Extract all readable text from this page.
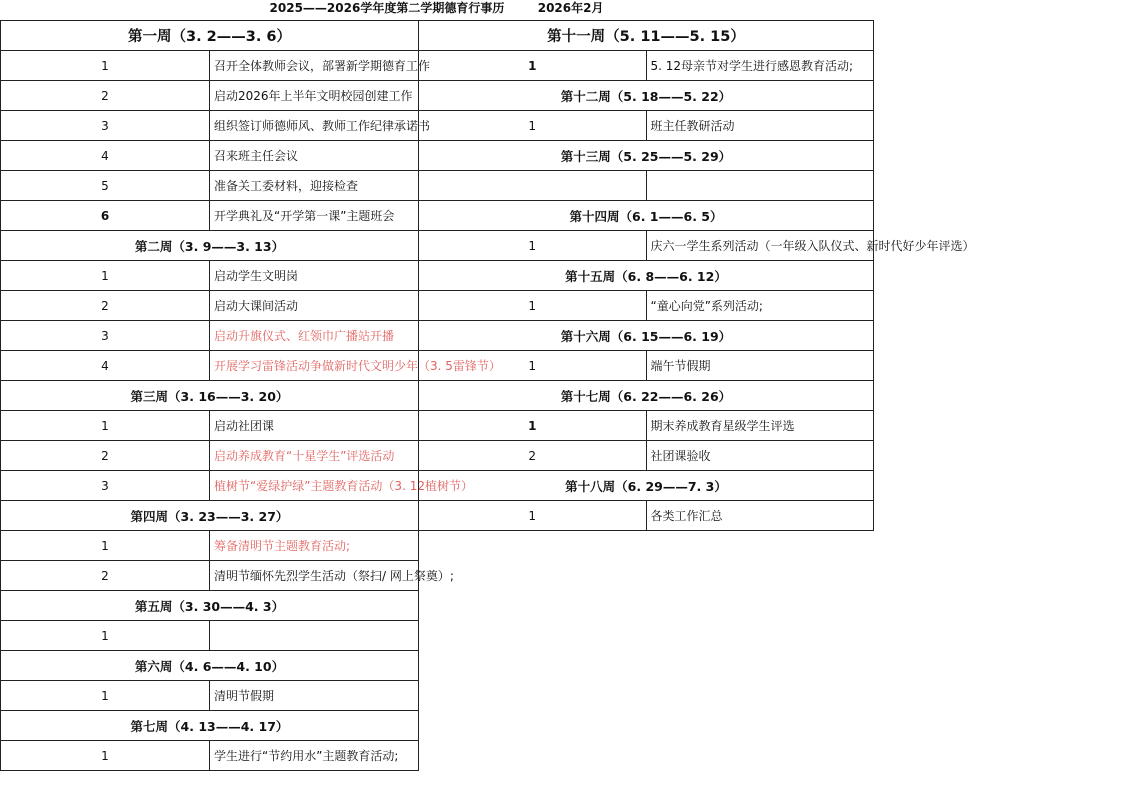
2025——2026学年度第二学期德育行事历        2026年2月
第一周（3. 2——3. 6）	
1	召开全体教师会议，部署新学期德育工作
2	启动2026年上半年文明校园创建工作
3	组织签订师德师风、教师工作纪律承诺书
4	召来班主任会议
5	准备关工委材料，迎接检查
6	开学典礼及“开学第一课”主题班会
第二周（3. 9——3. 13）	
1	启动学生文明岗
2	启动大课间活动
3	启动升旗仪式、红领巾广播站开播
4	开展学习雷锋活动争做新时代文明少年（3. 5雷锋节）
第三周（3. 16——3. 20）	
1	启动社团课
2	启动养成教育“十星学生”评选活动
3	植树节“爱绿护绿”主题教育活动（3. 12植树节）
第四周（3. 23——3. 27）	
1	筹备清明节主题教育活动;
2	清明节缅怀先烈学生活动（祭扫/ 网上祭奠）;
第五周（3. 30——4. 3）	
1	
第六周（4. 6——4. 10）	
1	清明节假期
第七周（4. 13——4. 17）	
1	学生进行“节约用水”主题教育活动;
第十一周（5. 11——5. 15）	
1	5. 12母亲节对学生进行感恩教育活动;
第十二周（5. 18——5. 22）	
1	班主任教研活动
第十三周（5. 25——5. 29）	

第十四周（6. 1——6. 5）	
1	庆六一学生系列活动（一年级入队仪式、新时代好少年评选）
第十五周（6. 8——6. 12）	
1	“童心向党”系列活动;
第十六周（6. 15——6. 19）	
1	端午节假期
第十七周（6. 22——6. 26）	
1	期末养成教育星级学生评选
2	社团课验收
第十八周（6. 29——7. 3）	
1	各类工作汇总
